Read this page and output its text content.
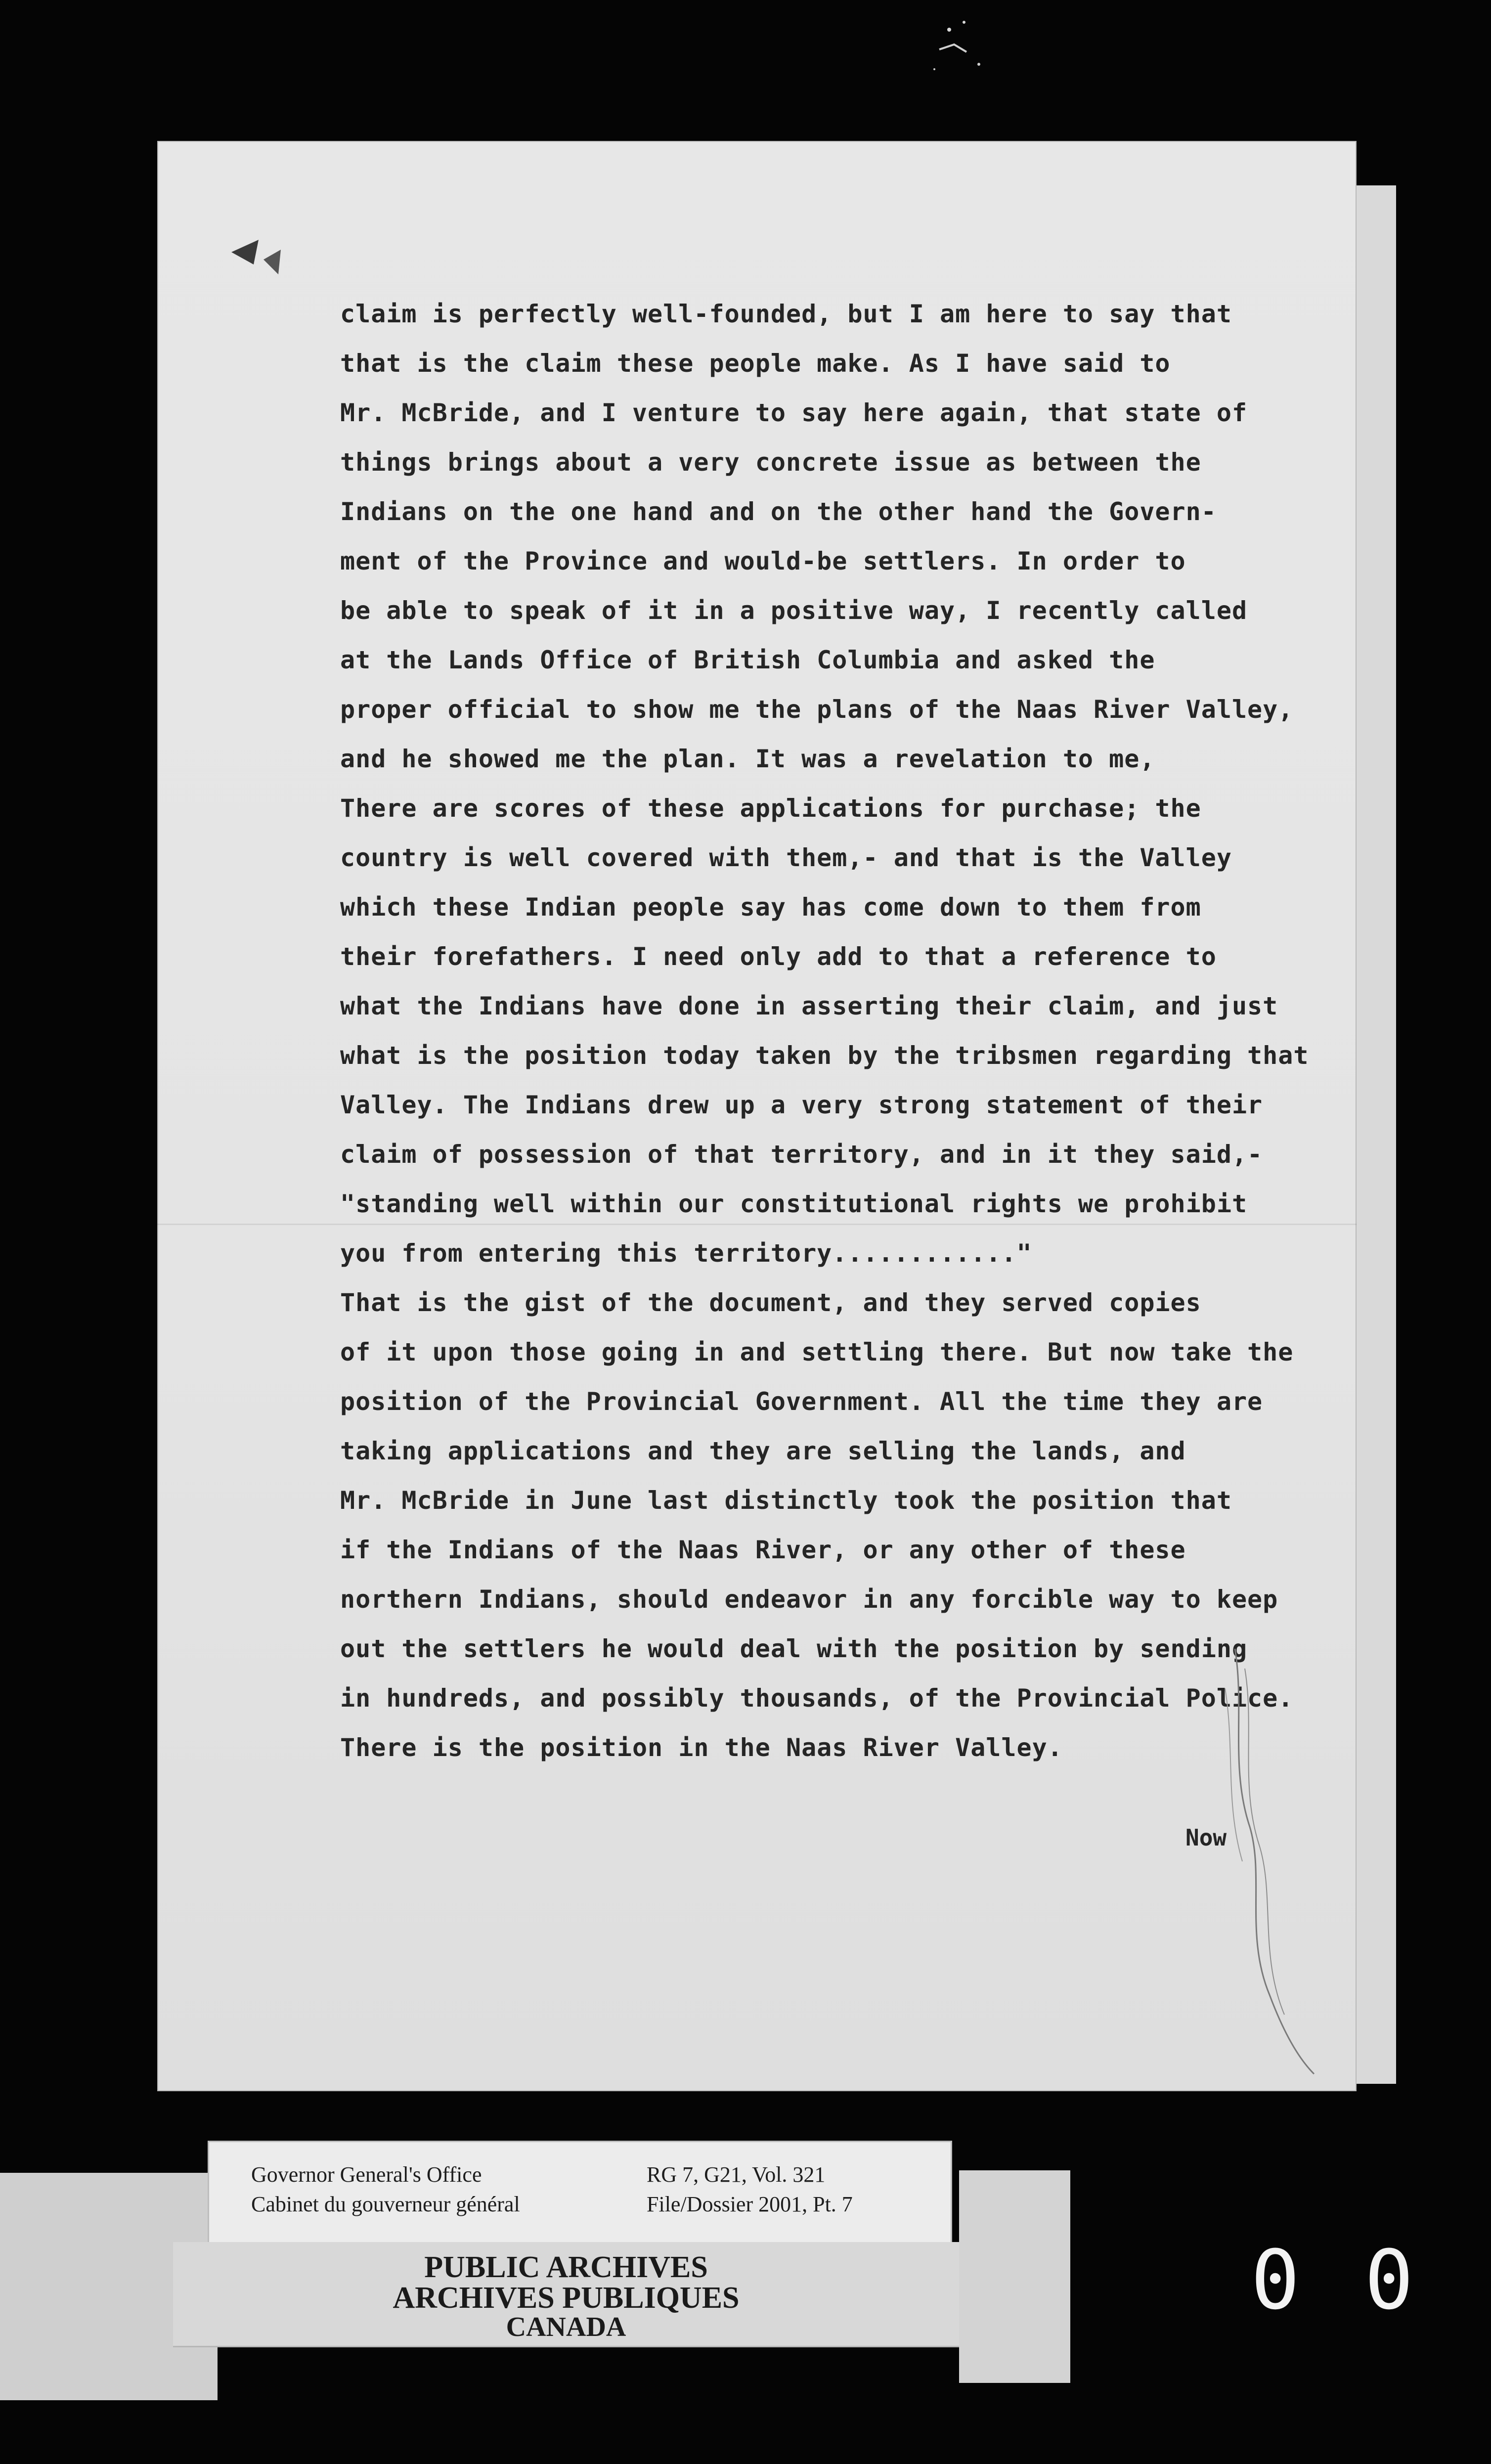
claim is perfectly well-founded, but I am here to say that

that is the claim these people make. As I have said to

Mr. McBride, and I venture to say here again, that state of

things brings about a very concrete issue as between the

Indians on the one hand and on the other hand the Govern-

ment of the Province and would-be settlers. In order to

be able to speak of it in a positive way, I recently called

at the Lands Office of British Columbia and asked the

proper official to show me the plans of the Naas River Valley,

and he showed me the plan. It was a revelation to me,

There are scores of these applications for purchase; the

country is well covered with them,- and that is the Valley

which these Indian people say has come down to them from

their forefathers. I need only add to that a reference to

what the Indians have done in asserting their claim, and just

what is the position today taken by the tribsmen regarding that

Valley. The Indians drew up a very strong statement of their

claim of possession of that territory, and in it they said,-

"standing well within our constitutional rights we prohibit

you from entering this territory............"

That is the gist of the document, and they served copies

of it upon those going in and settling there. But now take the

position of the Provincial Government. All the time they are

taking applications and they are selling the lands, and

Mr. McBride in June last distinctly took the position that

if the Indians of the Naas River, or any other of these

northern Indians, should endeavor in any forcible way to keep

out the settlers he would deal with the position by sending

in hundreds, and possibly thousands, of the Provincial Police.

There is the position in the Naas River Valley.

Now
Governor General's Office
Cabinet du gouverneur général
RG 7, G21, Vol. 321
File/Dossier 2001, Pt. 7
PUBLIC ARCHIVES
ARCHIVES PUBLIQUES
CANADA	0 0
